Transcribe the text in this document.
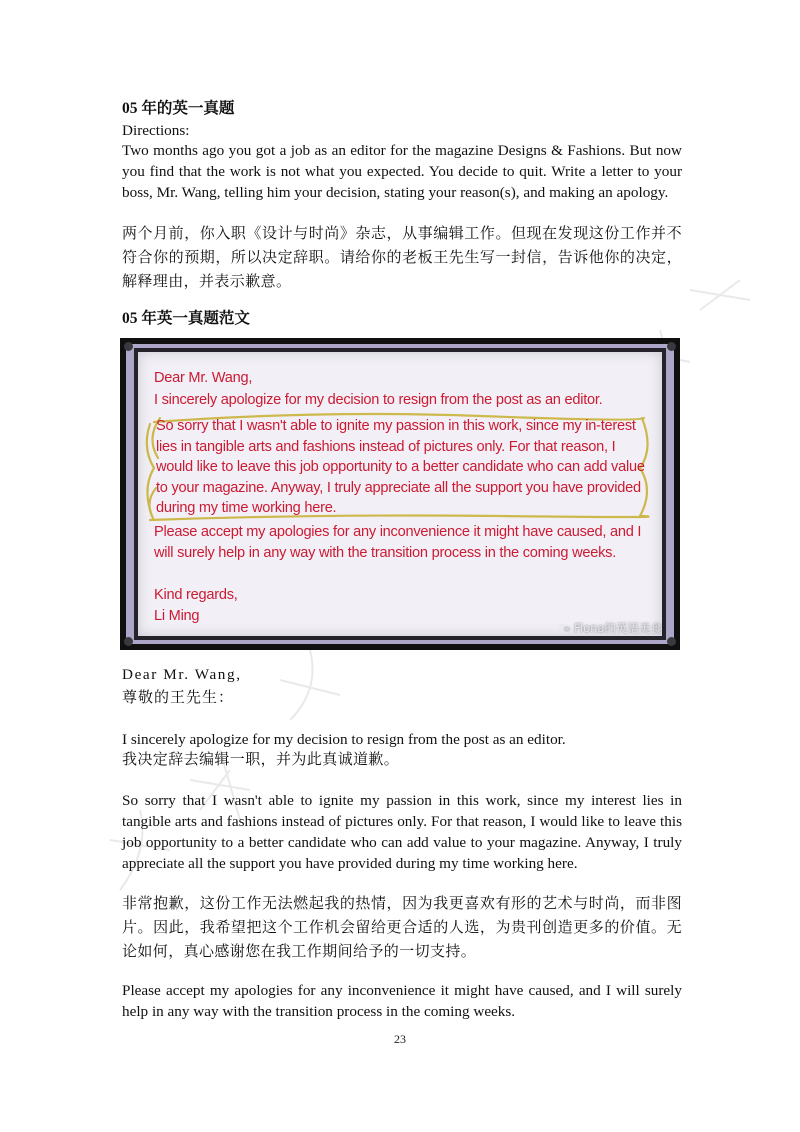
05 年的英一真题
Directions:

Two months ago you got a job as an editor for the magazine Designs & Fashions. But now you find that the work is not what you expected. You decide to quit. Write a letter to your boss, Mr. Wang, telling him your decision, stating your reason(s), and making an apology.

两个月前，你入职《设计与时尚》杂志，从事编辑工作。但现在发现这份工作并不符合你的预期，所以决定辞职。请给你的老板王先生写一封信，告诉他你的决定，解释理由，并表示歉意。

05 年英一真题范文
Dear Mr. Wang,

I sincerely apologize for my decision to resign from the post as an editor.

So sorry that I wasn't able to ignite my passion in this work, since my in-terest lies in tangible arts and fashions instead of pictures only. For that reason, I would like to leave this job opportunity to a better candidate who can add value to your magazine. Anyway, I truly appreciate all the support you have provided during my time working here.

Please accept my apologies for any inconvenience it might have caused, and I will surely help in any way with the transition process in the coming weeks.

Kind regards,
Li Ming
Fiona的英语美食
Dear Mr. Wang,
尊敬的王先生：
I sincerely apologize for my decision to resign from the post as an editor.
我决定辞去编辑一职，并为此真诚道歉。

So sorry that I wasn't able to ignite my passion in this work, since my interest lies in tangible arts and fashions instead of pictures only. For that reason, I would like to leave this job opportunity to a better candidate who can add value to your magazine. Anyway, I truly appreciate all the support you have provided during my time working here.

非常抱歉，这份工作无法燃起我的热情，因为我更喜欢有形的艺术与时尚，而非图片。因此，我希望把这个工作机会留给更合适的人选，为贵刊创造更多的价值。无论如何，真心感谢您在我工作期间给予的一切支持。

Please accept my apologies for any inconvenience it might have caused, and I will surely help in any way with the transition process in the coming weeks.

23
